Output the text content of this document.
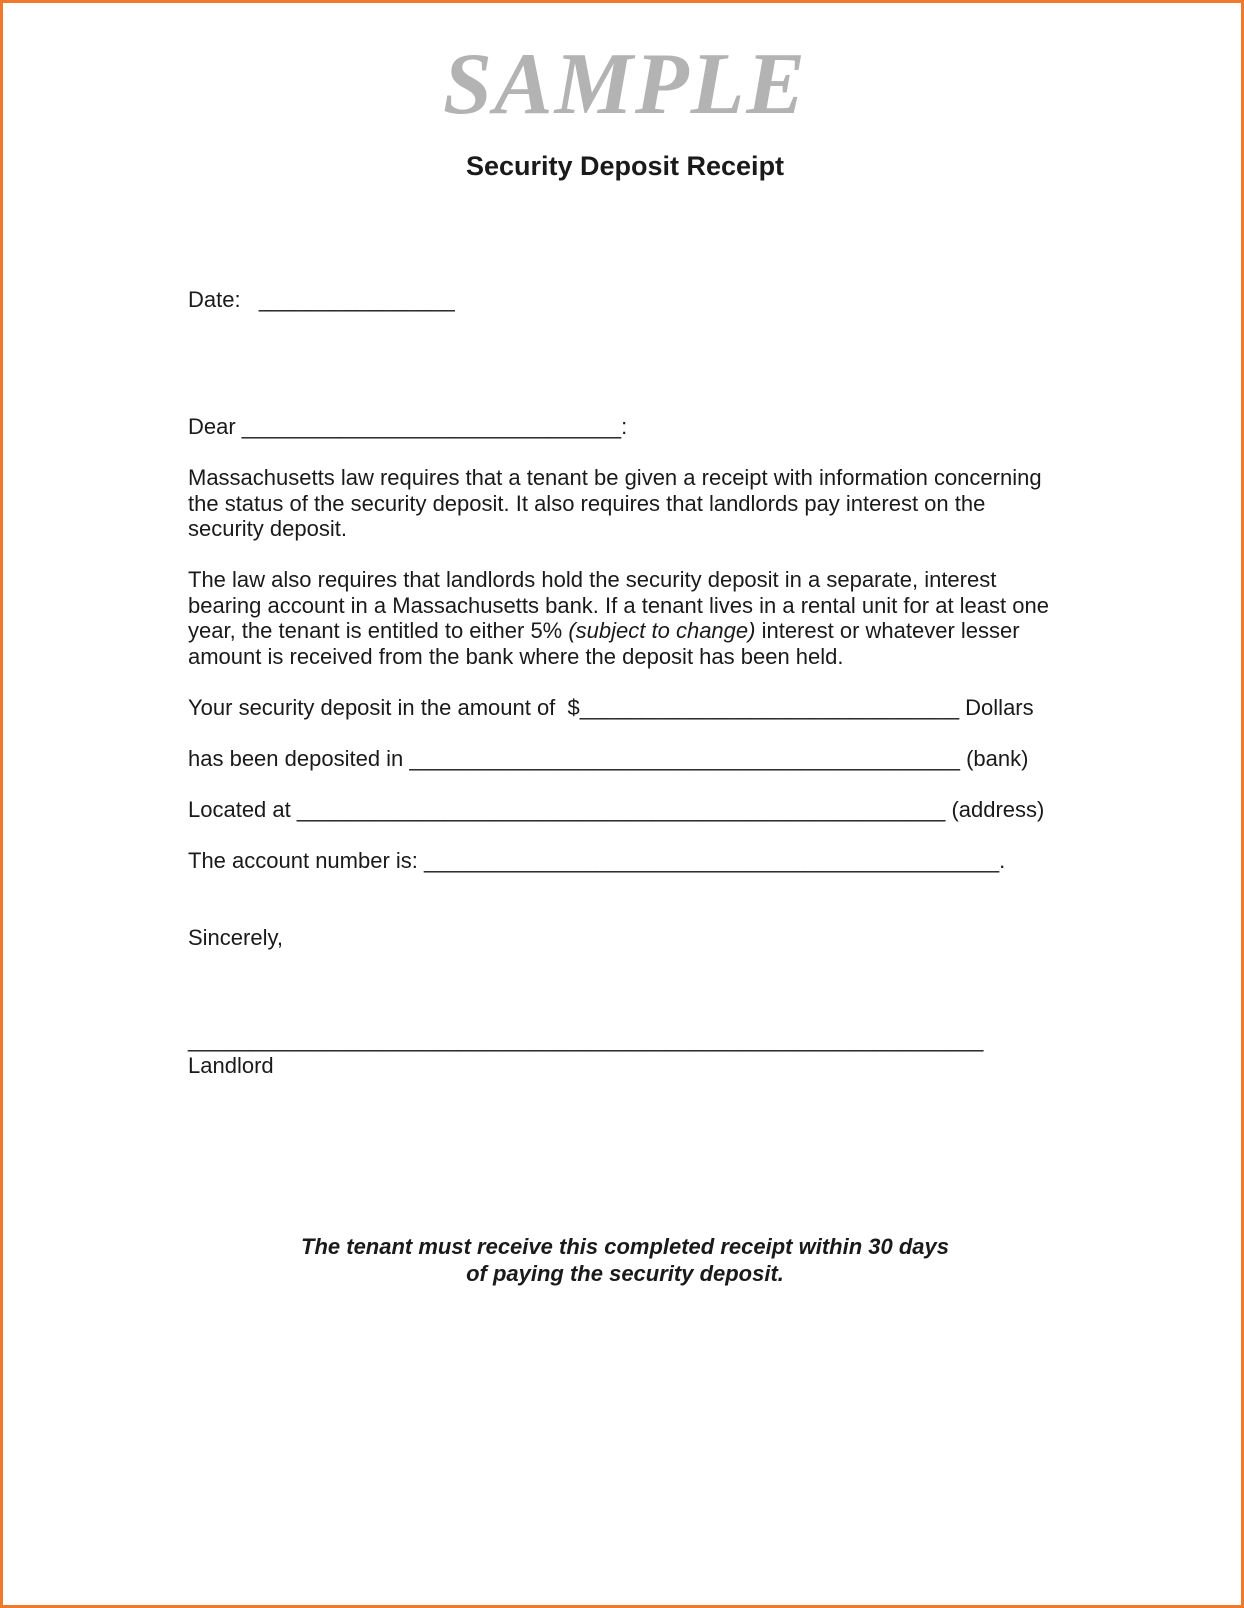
SAMPLE
Security Deposit Receipt
Date:   ________________
Dear _______________________________:
Massachusetts law requires that a tenant be given a receipt with information concerning
the status of the security deposit. It also requires that landlords pay interest on the
security deposit.
The law also requires that landlords hold the security deposit in a separate, interest
bearing account in a Massachusetts bank. If a tenant lives in a rental unit for at least one
year, the tenant is entitled to either 5% (subject to change) interest or whatever lesser
amount is received from the bank where the deposit has been held.
Your security deposit in the amount of  $_______________________________ Dollars
has been deposited in _____________________________________________ (bank)
Located at _____________________________________________________ (address)
The account number is: _______________________________________________.
Sincerely,
_________________________________________________________________
Landlord
The tenant must receive this completed receipt within 30 days
of paying the security deposit.
